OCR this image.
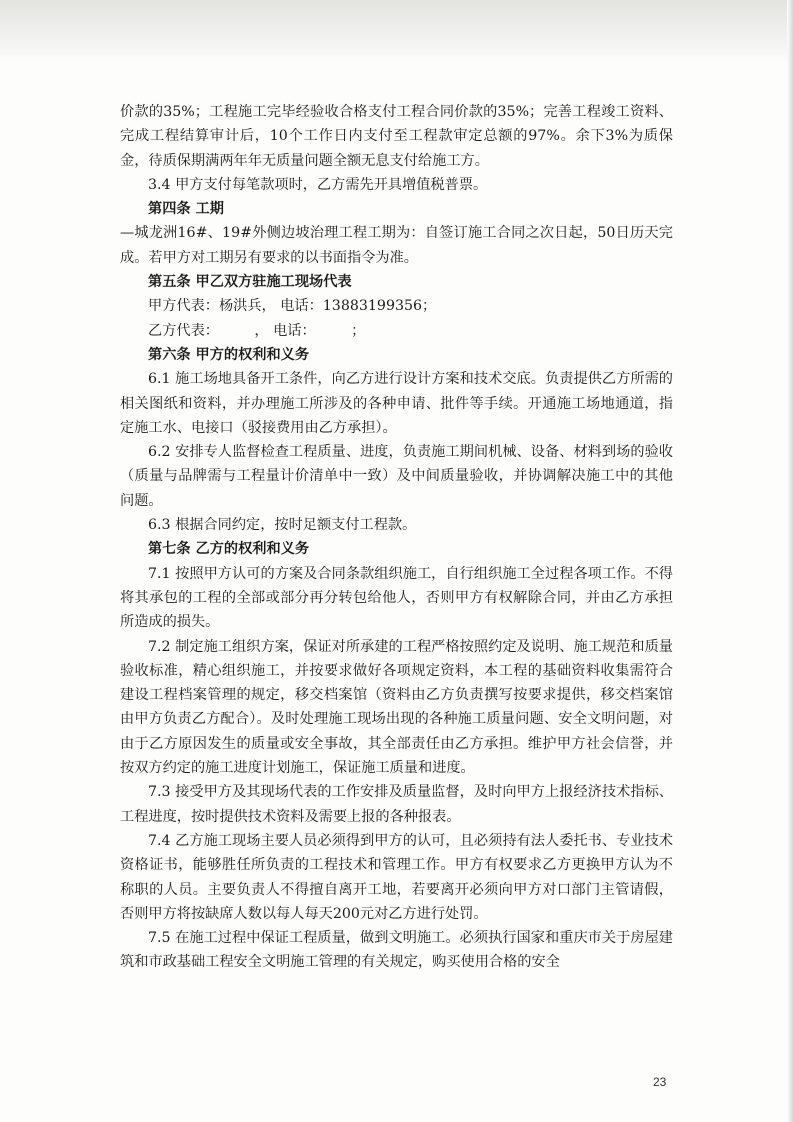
价款的35%；工程施工完毕经验收合格支付工程合同价款的35%；完善工程竣工资料、完成工程结算审计后，10个工作日内支付至工程款审定总额的97%。余下3%为质保金，待质保期满两年年无质量问题全额无息支付给施工方。

3.4 甲方支付每笔款项时，乙方需先开具增值税普票。

第四条 工期

—城龙洲16#、19#外侧边坡治理工程工期为：自签订施工合同之次日起，50日历天完成。若甲方对工期另有要求的以书面指令为准。

第五条 甲乙双方驻施工现场代表

甲方代表：杨洪兵， 电话：13883199356；

乙方代表：　　　， 电话：　　　；

第六条 甲方的权利和义务

6.1 施工场地具备开工条件，向乙方进行设计方案和技术交底。负责提供乙方所需的相关图纸和资料，并办理施工所涉及的各种申请、批件等手续。开通施工场地通道，指定施工水、电接口（驳接费用由乙方承担）。

6.2 安排专人监督检查工程质量、进度，负责施工期间机械、设备、材料到场的验收（质量与品牌需与工程量计价清单中一致）及中间质量验收，并协调解决施工中的其他问题。

6.3 根据合同约定，按时足额支付工程款。

第七条 乙方的权利和义务

7.1 按照甲方认可的方案及合同条款组织施工，自行组织施工全过程各项工作。不得将其承包的工程的全部或部分再分转包给他人，否则甲方有权解除合同，并由乙方承担所造成的损失。

7.2 制定施工组织方案，保证对所承建的工程严格按照约定及说明、施工规范和质量验收标准，精心组织施工，并按要求做好各项规定资料，本工程的基础资料收集需符合建设工程档案管理的规定，移交档案馆（资料由乙方负责撰写按要求提供，移交档案馆由甲方负责乙方配合）。及时处理施工现场出现的各种施工质量问题、安全文明问题，对由于乙方原因发生的质量或安全事故，其全部责任由乙方承担。维护甲方社会信誉，并按双方约定的施工进度计划施工，保证施工质量和进度。

7.3 接受甲方及其现场代表的工作安排及质量监督，及时向甲方上报经济技术指标、工程进度，按时提供技术资料及需要上报的各种报表。

7.4 乙方施工现场主要人员必须得到甲方的认可，且必须持有法人委托书、专业技术资格证书，能够胜任所负责的工程技术和管理工作。甲方有权要求乙方更换甲方认为不称职的人员。主要负责人不得擅自离开工地，若要离开必须向甲方对口部门主管请假，否则甲方将按缺席人数以每人每天200元对乙方进行处罚。

7.5 在施工过程中保证工程质量，做到文明施工。必须执行国家和重庆市关于房屋建筑和市政基础工程安全文明施工管理的有关规定，购买使用合格的安全

23
